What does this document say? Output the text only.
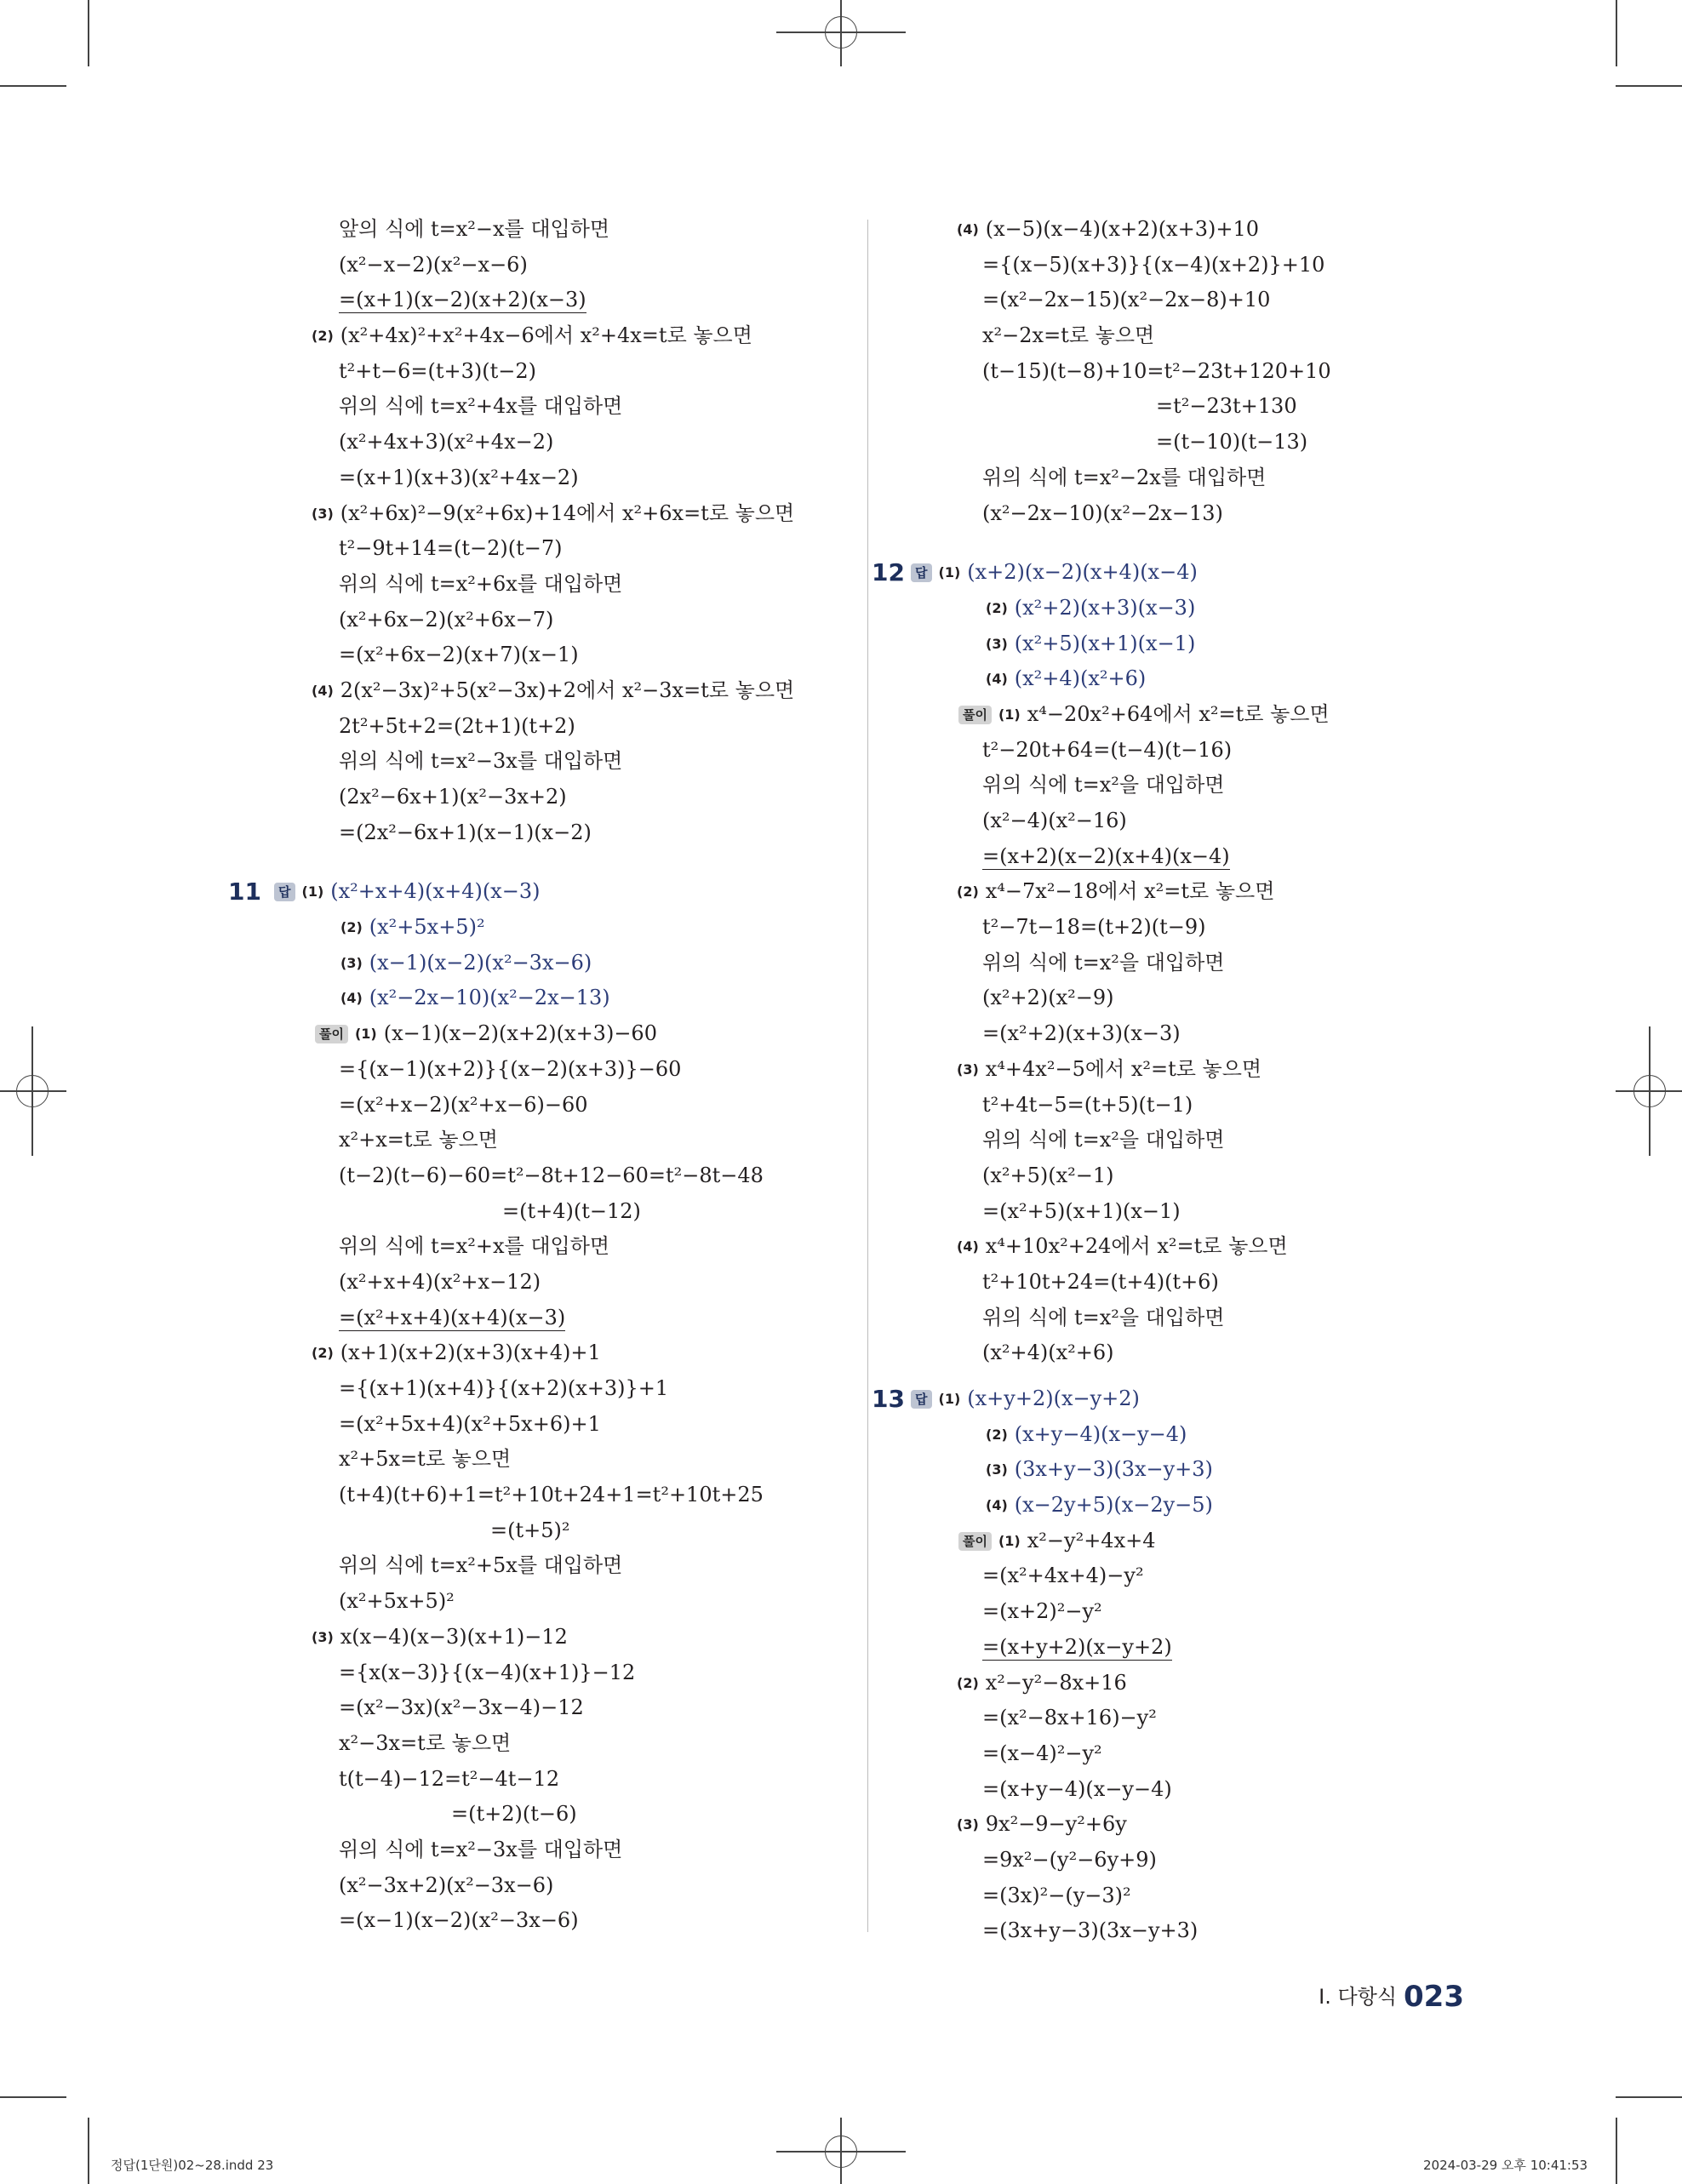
앞의 식에 t=x²−x를 대입하면
(x²−x−2)(x²−x−6)
=(x+1)(x−2)(x+2)(x−3)
(2) (x²+4x)²+x²+4x−6에서 x²+4x=t로 놓으면
t²+t−6=(t+3)(t−2)
위의 식에 t=x²+4x를 대입하면
(x²+4x+3)(x²+4x−2)
=(x+1)(x+3)(x²+4x−2)
(3) (x²+6x)²−9(x²+6x)+14에서 x²+6x=t로 놓으면
t²−9t+14=(t−2)(t−7)
위의 식에 t=x²+6x를 대입하면
(x²+6x−2)(x²+6x−7)
=(x²+6x−2)(x+7)(x−1)
(4) 2(x²−3x)²+5(x²−3x)+2에서 x²−3x=t로 놓으면
2t²+5t+2=(2t+1)(t+2)
위의 식에 t=x²−3x를 대입하면
(2x²−6x+1)(x²−3x+2)
=(2x²−6x+1)(x−1)(x−2)
11 답 (1) (x²+x+4)(x+4)(x−3)
(2) (x²+5x+5)²
(3) (x−1)(x−2)(x²−3x−6)
(4) (x²−2x−10)(x²−2x−13)
풀이 (1) (x−1)(x−2)(x+2)(x+3)−60
={(x−1)(x+2)}{(x−2)(x+3)}−60
=(x²+x−2)(x²+x−6)−60
x²+x=t로 놓으면
(t−2)(t−6)−60=t²−8t+12−60=t²−8t−48
=(t+4)(t−12)
위의 식에 t=x²+x를 대입하면
(x²+x+4)(x²+x−12)
=(x²+x+4)(x+4)(x−3)
(2) (x+1)(x+2)(x+3)(x+4)+1
={(x+1)(x+4)}{(x+2)(x+3)}+1
=(x²+5x+4)(x²+5x+6)+1
x²+5x=t로 놓으면
(t+4)(t+6)+1=t²+10t+24+1=t²+10t+25
=(t+5)²
위의 식에 t=x²+5x를 대입하면
(x²+5x+5)²
(3) x(x−4)(x−3)(x+1)−12
={x(x−3)}{(x−4)(x+1)}−12
=(x²−3x)(x²−3x−4)−12
x²−3x=t로 놓으면
t(t−4)−12=t²−4t−12
=(t+2)(t−6)
위의 식에 t=x²−3x를 대입하면
(x²−3x+2)(x²−3x−6)
=(x−1)(x−2)(x²−3x−6)
(4) (x−5)(x−4)(x+2)(x+3)+10
={(x−5)(x+3)}{(x−4)(x+2)}+10
=(x²−2x−15)(x²−2x−8)+10
x²−2x=t로 놓으면
(t−15)(t−8)+10=t²−23t+120+10
=t²−23t+130
=(t−10)(t−13)
위의 식에 t=x²−2x를 대입하면
(x²−2x−10)(x²−2x−13)
12 답 (1) (x+2)(x−2)(x+4)(x−4)
(2) (x²+2)(x+3)(x−3)
(3) (x²+5)(x+1)(x−1)
(4) (x²+4)(x²+6)
풀이 (1) x⁴−20x²+64에서 x²=t로 놓으면
t²−20t+64=(t−4)(t−16)
위의 식에 t=x²을 대입하면
(x²−4)(x²−16)
=(x+2)(x−2)(x+4)(x−4)
(2) x⁴−7x²−18에서 x²=t로 놓으면
t²−7t−18=(t+2)(t−9)
위의 식에 t=x²을 대입하면
(x²+2)(x²−9)
=(x²+2)(x+3)(x−3)
(3) x⁴+4x²−5에서 x²=t로 놓으면
t²+4t−5=(t+5)(t−1)
위의 식에 t=x²을 대입하면
(x²+5)(x²−1)
=(x²+5)(x+1)(x−1)
(4) x⁴+10x²+24에서 x²=t로 놓으면
t²+10t+24=(t+4)(t+6)
위의 식에 t=x²을 대입하면
(x²+4)(x²+6)
13 답 (1) (x+y+2)(x−y+2)
(2) (x+y−4)(x−y−4)
(3) (3x+y−3)(3x−y+3)
(4) (x−2y+5)(x−2y−5)
풀이 (1) x²−y²+4x+4
=(x²+4x+4)−y²
=(x+2)²−y²
=(x+y+2)(x−y+2)
(2) x²−y²−8x+16
=(x²−8x+16)−y²
=(x−4)²−y²
=(x+y−4)(x−y−4)
(3) 9x²−9−y²+6y
=9x²−(y²−6y+9)
=(3x)²−(y−3)²
=(3x+y−3)(3x−y+3)
Ⅰ. 다항식 023
정답(1단원)02~28.indd 23	2024-03-29 오후 10:41:53
